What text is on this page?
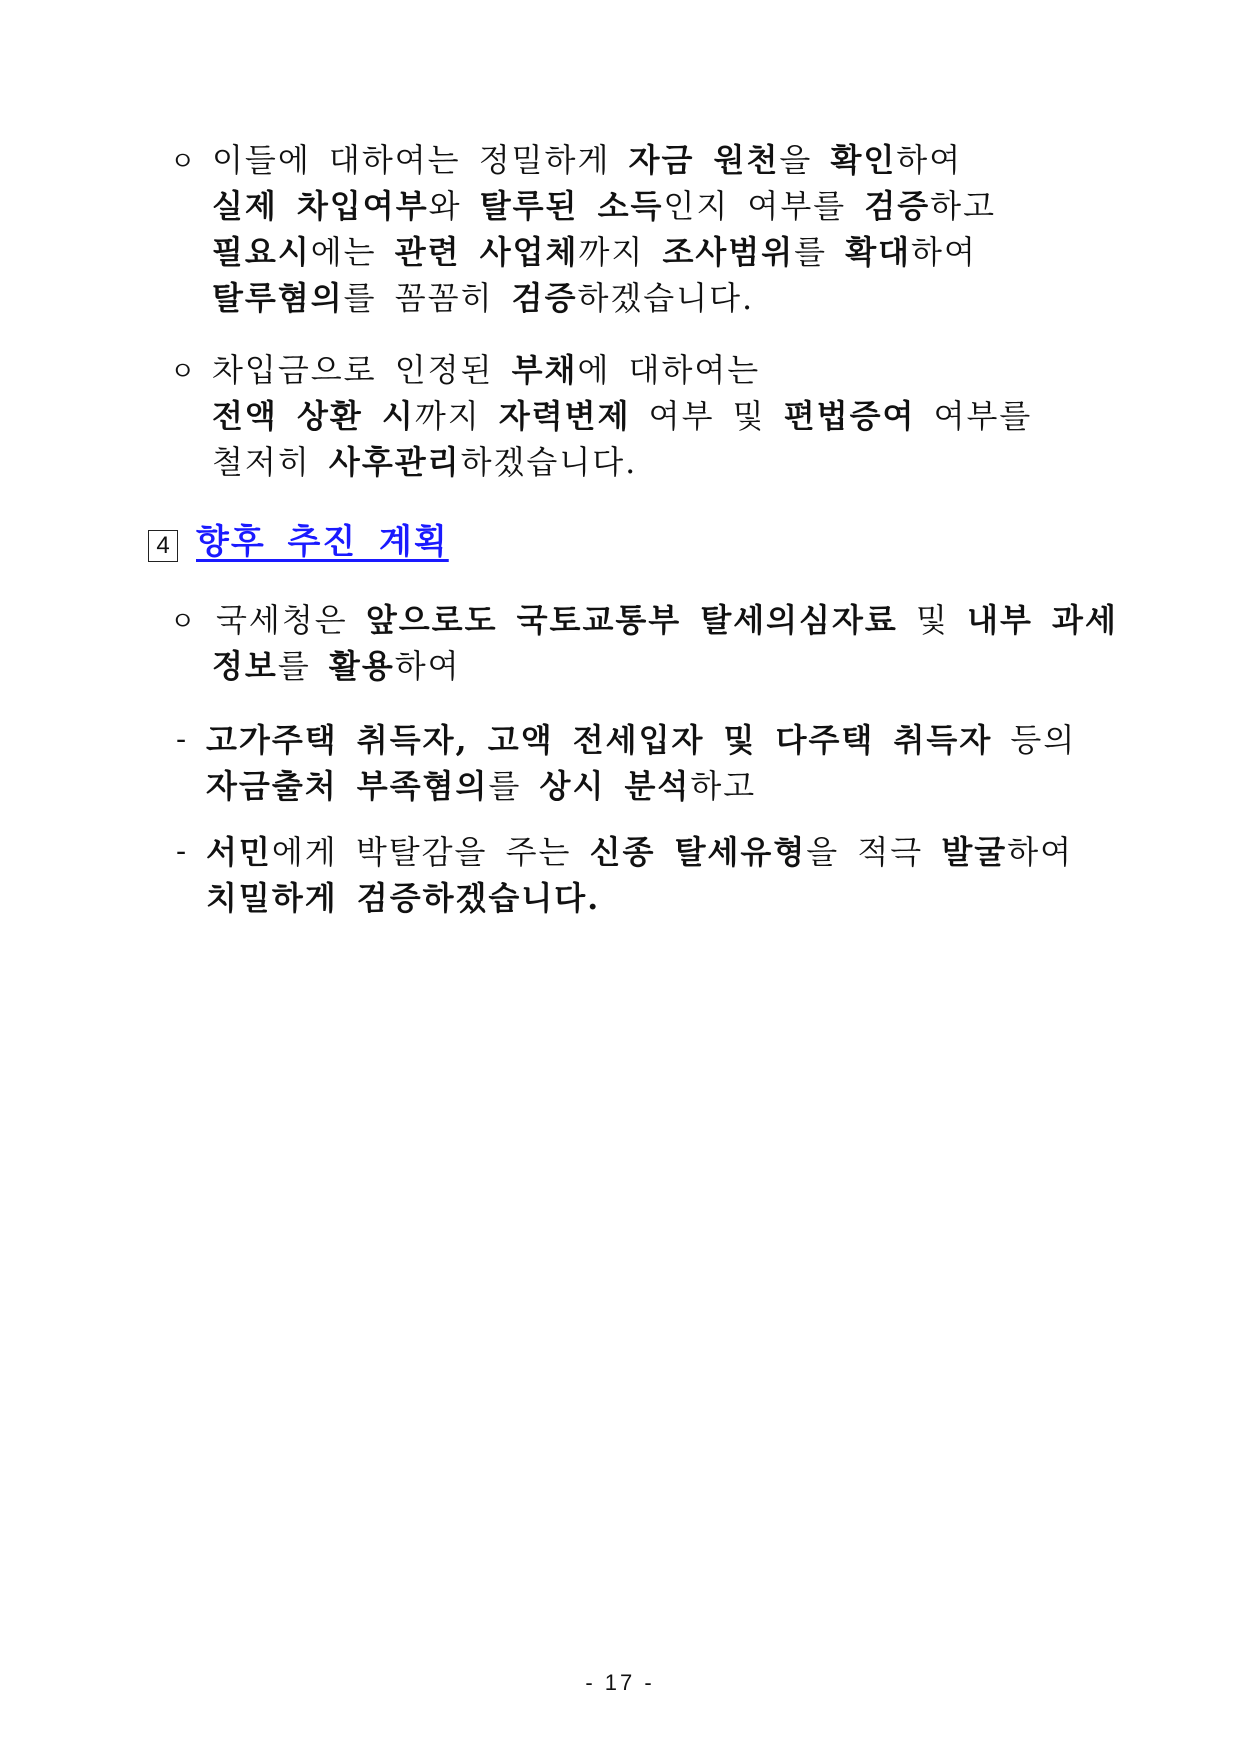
ㅇ 이들에 대하여는 정밀하게 자금 원천을 확인하여
실제 차입여부와 탈루된 소득인지 여부를 검증하고
필요시에는 관련 사업체까지 조사범위를 확대하여
탈루혐의를 꼼꼼히 검증하겠습니다.
ㅇ 차입금으로 인정된 부채에 대하여는
전액 상환 시까지 자력변제 여부 및 편법증여 여부를
철저히 사후관리하겠습니다.
4 향후 추진 계획
ㅇ 국세청은 앞으로도 국토교통부 탈세의심자료 및 내부 과세
정보를 활용하여
- 고가주택 취득자, 고액 전세입자 및 다주택 취득자 등의
자금출처 부족혐의를 상시 분석하고
- 서민에게 박탈감을 주는 신종 탈세유형을 적극 발굴하여
치밀하게 검증하겠습니다.
- 17 -
